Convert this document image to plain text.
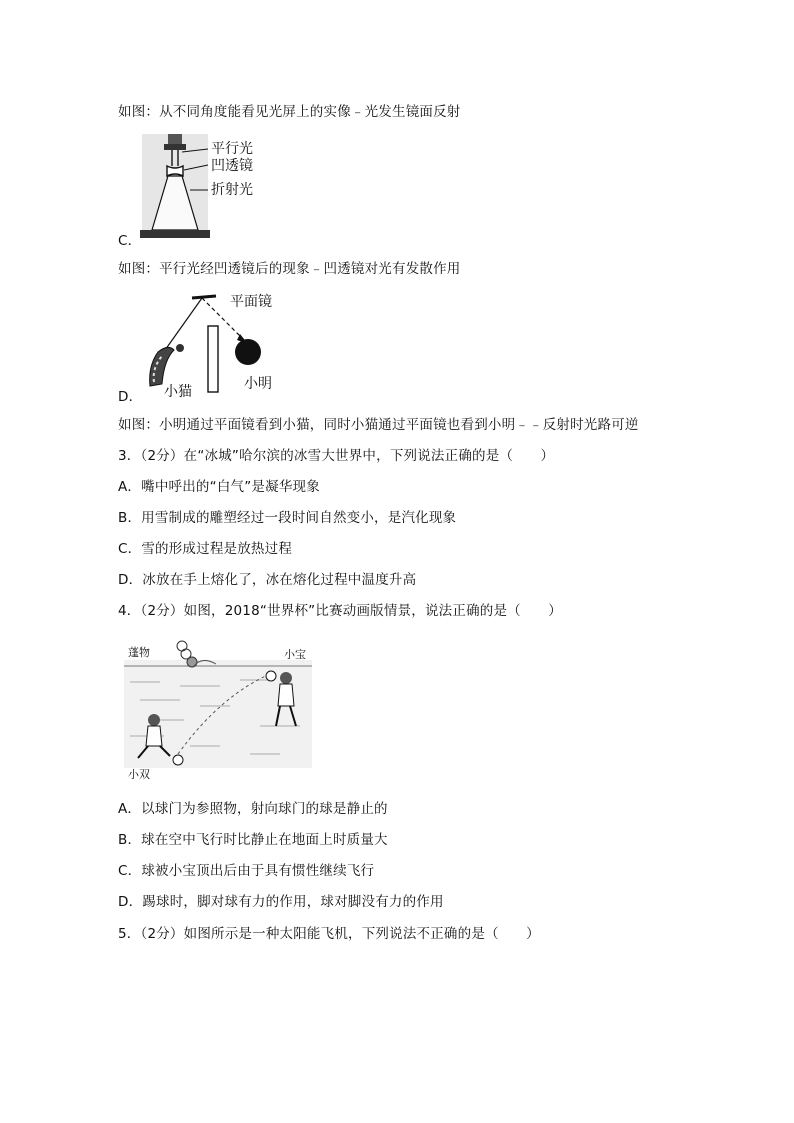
如图：从不同角度能看见光屏上的实像﹣光发生镜面反射
平行光
凹透镜
折射光
C．
如图：平行光经凹透镜后的现象﹣凹透镜对光有发散作用
平面镜
小猫	小明
D．
如图：小明通过平面镜看到小猫，同时小猫通过平面镜也看到小明﹣﹣反射时光路可逆
3．（2分）在“冰城”哈尔滨的冰雪大世界中，下列说法正确的是（　　）
A．嘴中呼出的“白气”是凝华现象
B．用雪制成的雕塑经过一段时间自然变小，是汽化现象
C．雪的形成过程是放热过程
D．冰放在手上熔化了，冰在熔化过程中温度升高
4．（2分）如图，2018“世界杯”比赛动画版情景，说法正确的是（　　）
蓬物	小宝
小双
A．以球门为参照物，射向球门的球是静止的
B．球在空中飞行时比静止在地面上时质量大
C．球被小宝顶出后由于具有惯性继续飞行
D．踢球时，脚对球有力的作用，球对脚没有力的作用
5．（2分）如图所示是一种太阳能飞机，下列说法不正确的是（　　）
